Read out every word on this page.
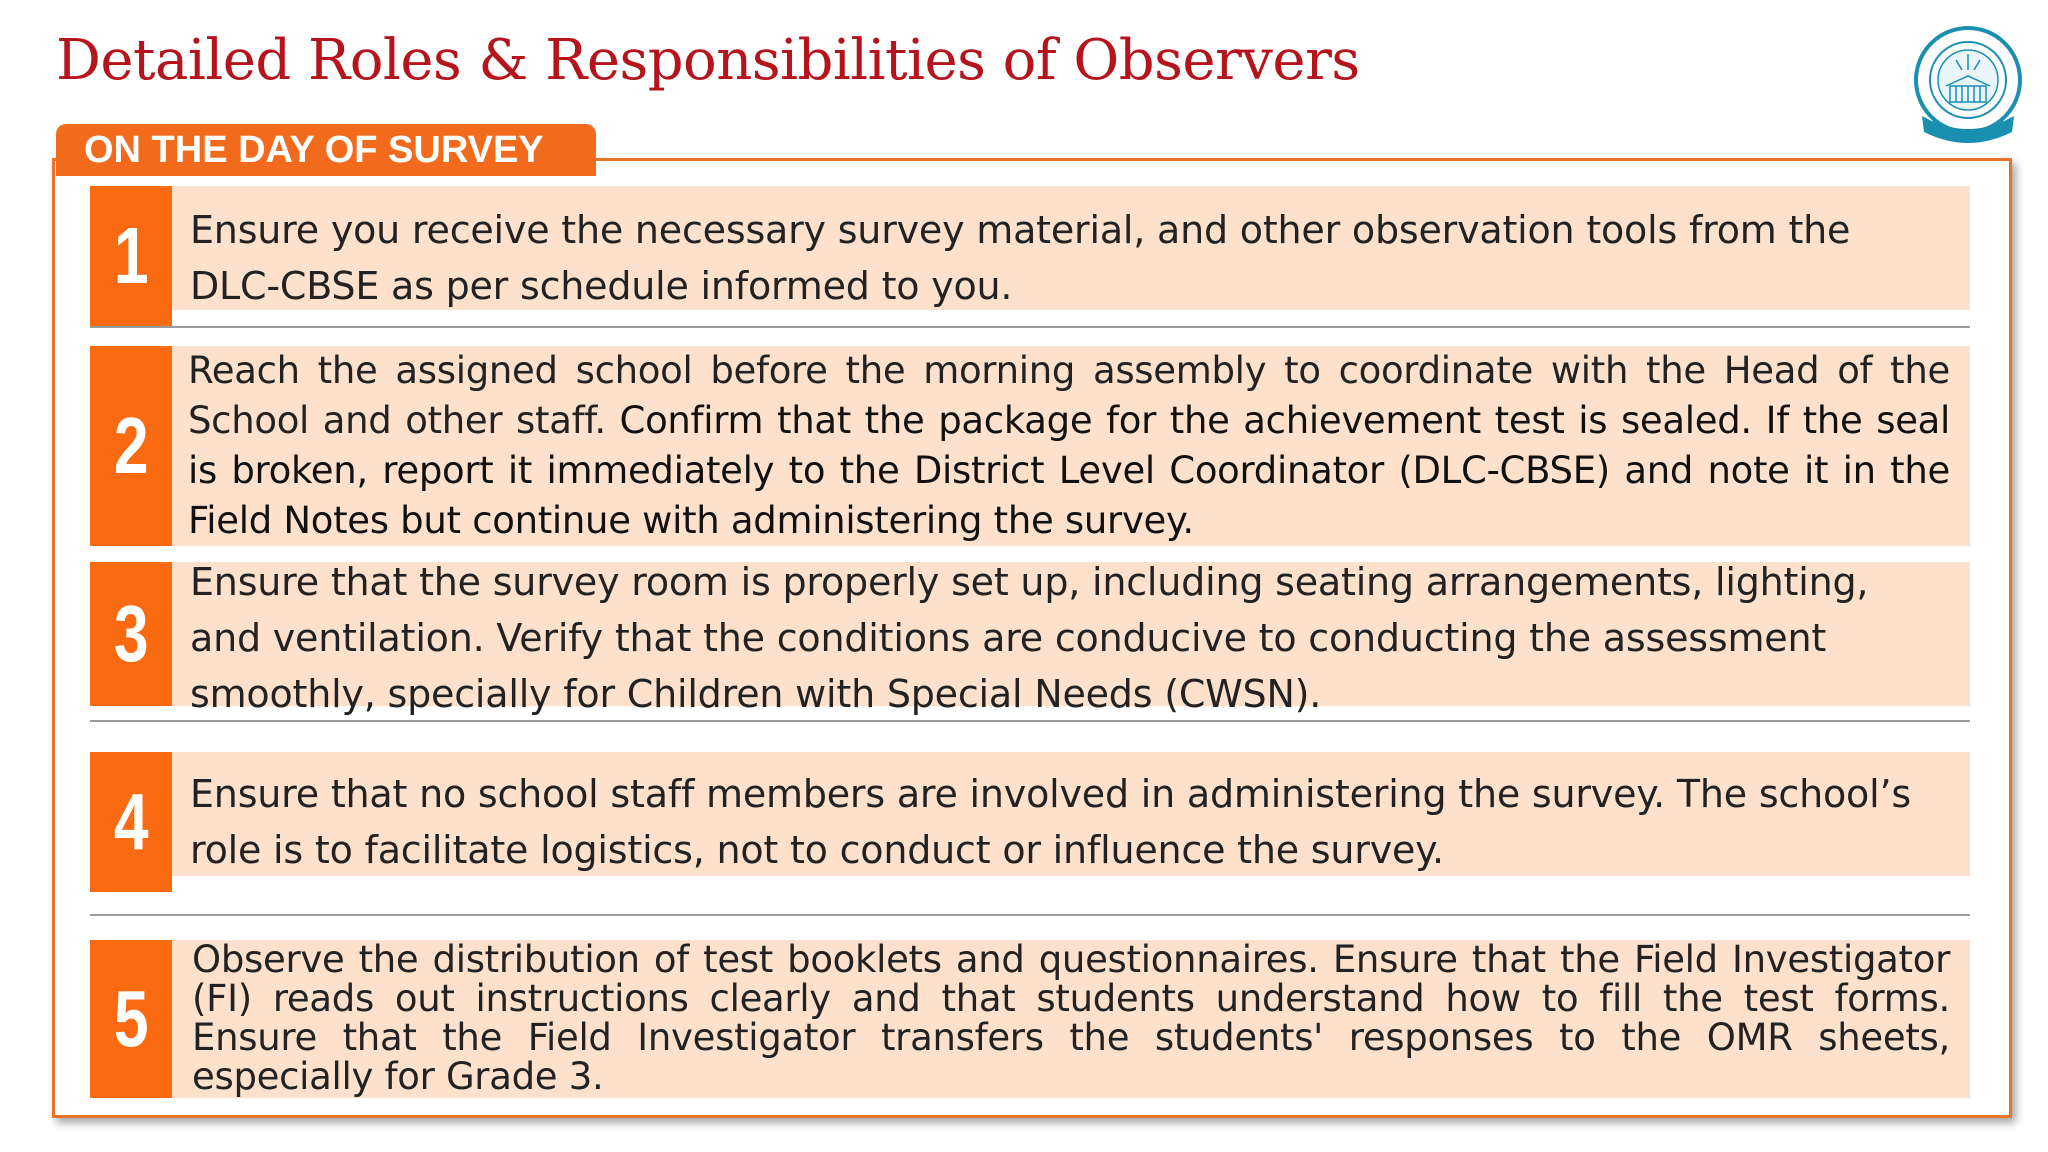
Detailed Roles & Responsibilities of Observers
ON THE DAY OF SURVEY
1 Ensure you receive the necessary survey material, and other observation tools from the DLC-CBSE as per schedule informed to you.
2
Reach the assigned school before the morning assembly to coordinate with the Head of the School and other staff. Confirm that the package for the achievement test is sealed. If the seal is broken, report it immediately to the District Level Coordinator (DLC-CBSE) and note it in the Field Notes but continue with administering the survey.
3
Ensure that the survey room is properly set up, including seating arrangements, lighting, and ventilation. Verify that the conditions are conducive to conducting the assessment smoothly, specially for Children with Special Needs (CWSN).
4 Ensure that no school staff members are involved in administering the survey. The school’s role is to facilitate logistics, not to conduct or influence the survey.
5
Observe the distribution of test booklets and questionnaires. Ensure that the Field Investigator (FI) reads out instructions clearly and that students understand how to fill the test forms. Ensure that the Field Investigator transfers the students' responses to the OMR sheets, especially for Grade 3.
